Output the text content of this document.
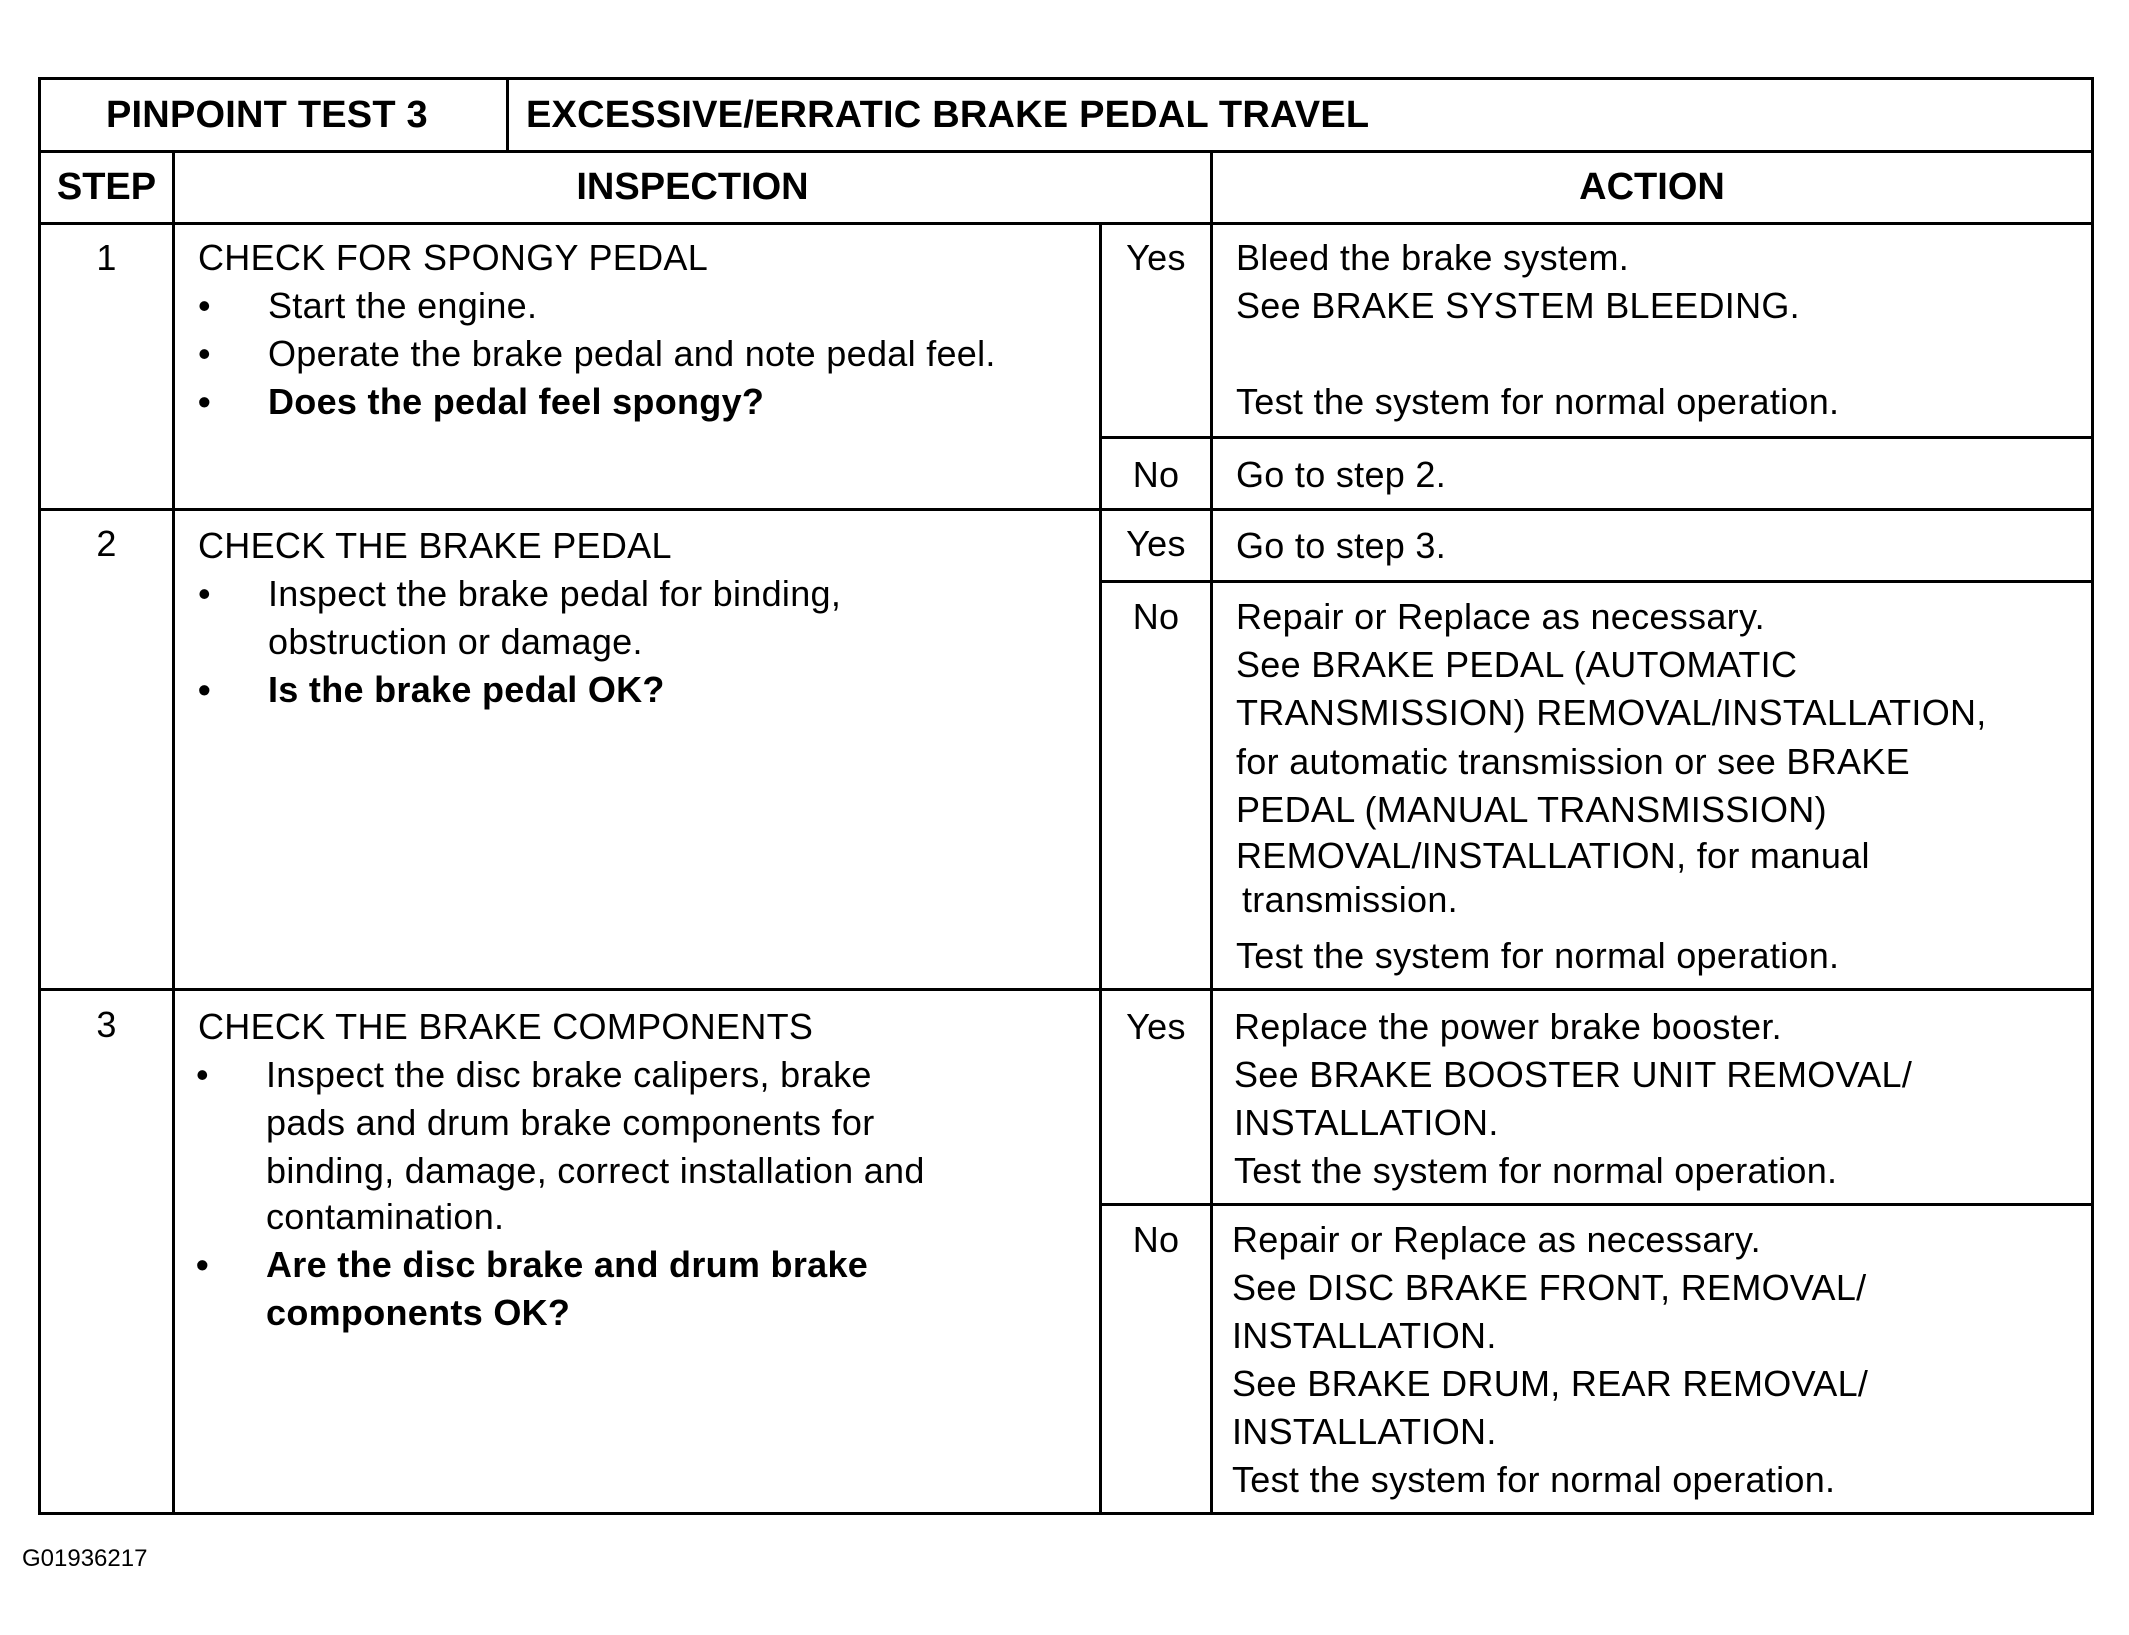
PINPOINT TEST 3	EXCESSIVE/ERRATIC BRAKE PEDAL TRAVEL
STEP	INSPECTION	ACTION
1	CHECK FOR SPONGY PEDAL
•	Start the engine.
•	Operate the brake pedal and note pedal feel.
•	Does the pedal feel spongy?
Yes	Bleed the brake system.
See BRAKE SYSTEM BLEEDING.
Test the system for normal operation.
No	Go to step 2.
2	CHECK THE BRAKE PEDAL
•	Inspect the brake pedal for binding,
obstruction or damage.
•	Is the brake pedal OK?
Yes	Go to step 3.
No	Repair or Replace as necessary.
See BRAKE PEDAL (AUTOMATIC
TRANSMISSION) REMOVAL/INSTALLATION,
for automatic transmission or see BRAKE
PEDAL (MANUAL TRANSMISSION)
REMOVAL/INSTALLATION, for manual
transmission.
Test the system for normal operation.
3	CHECK THE BRAKE COMPONENTS
•	Inspect the disc brake calipers, brake
pads and drum brake components for
binding, damage, correct installation and
contamination.
•	Are the disc brake and drum brake
components OK?
Yes	Replace the power brake booster.
See BRAKE BOOSTER UNIT REMOVAL/
INSTALLATION.
Test the system for normal operation.
No	Repair or Replace as necessary.
See DISC BRAKE FRONT, REMOVAL/
INSTALLATION.
See BRAKE DRUM, REAR REMOVAL/
INSTALLATION.
Test the system for normal operation.
G01936217
